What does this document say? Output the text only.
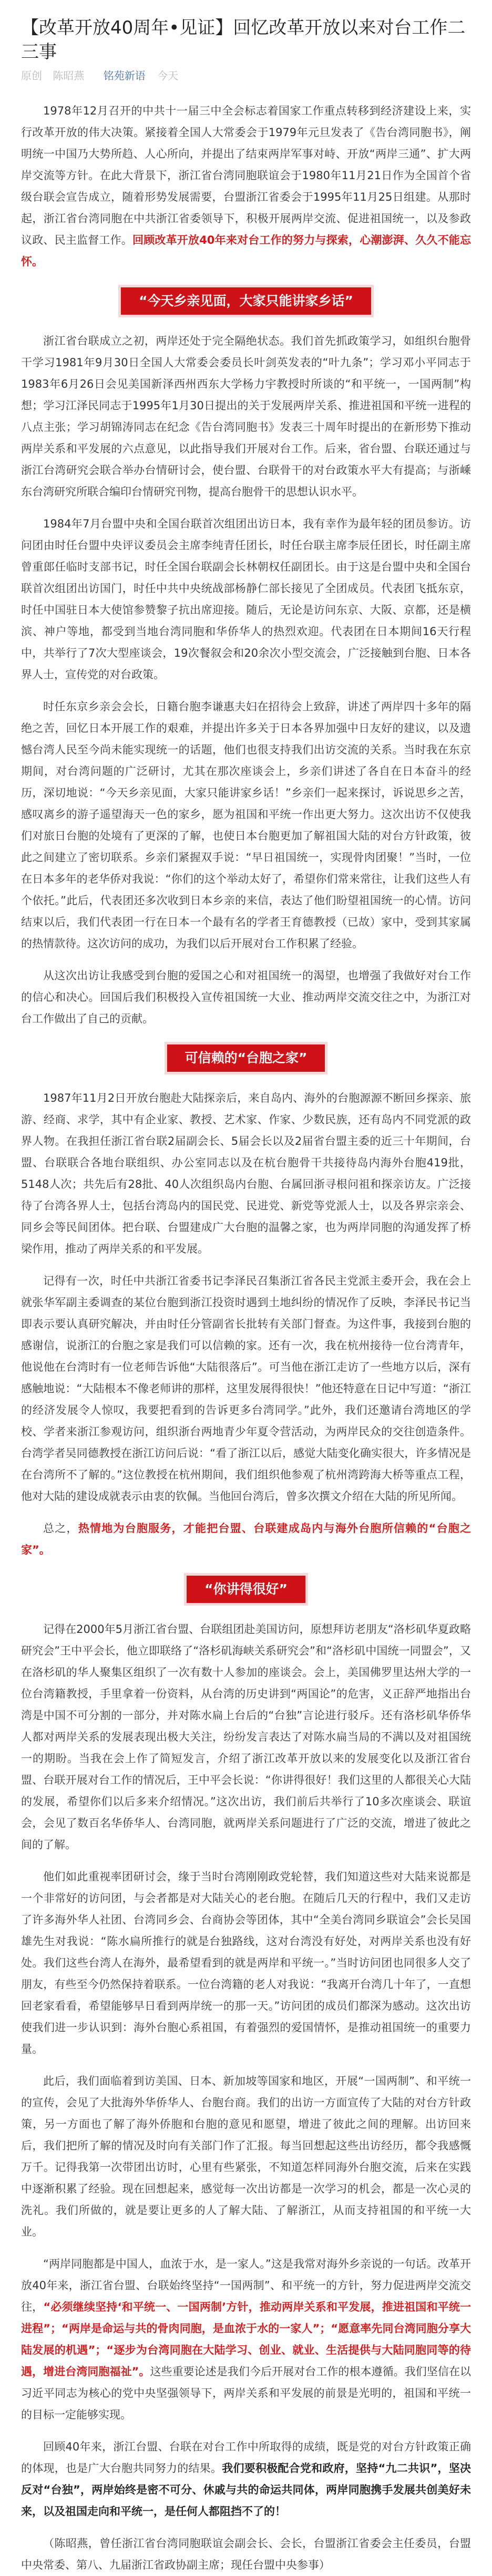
【改革开放40周年•见证】回忆改革开放以来对台工作二三事
原创 陈昭燕 铭苑新语 今天

1978年12月召开的中共十一届三中全会标志着国家工作重点转移到经济建设上来，实行改革开放的伟大决策。紧接着全国人大常委会于1979年元旦发表了《告台湾同胞书》，阐明统一中国乃大势所趋、人心所向，并提出了结束两岸军事对峙、开放“两岸三通”、扩大两岸交流等方针。在此大背景下，浙江省台湾同胞联谊会于1980年11月21日作为全国首个省级台联会宣告成立，随着形势发展需要，台盟浙江省委会于1995年11月25日组建。从那时起，浙江省台湾同胞在中共浙江省委领导下，积极开展两岸交流、促进祖国统一，以及参政议政、民主监督工作。回顾改革开放40年来对台工作的努力与探索，心潮澎湃、久久不能忘怀。

“今天乡亲见面，大家只能讲家乡话”

浙江省台联成立之初，两岸还处于完全隔绝状态。我们首先抓政策学习，如组织台胞骨干学习1981年9月30日全国人大常委会委员长叶剑英发表的“叶九条”；学习邓小平同志于1983年6月26日会见美国新泽西州西东大学杨力宇教授时所谈的“和平统一，一国两制”构想；学习江泽民同志于1995年1月30日提出的关于发展两岸关系、推进祖国和平统一进程的八点主张；学习胡锦涛同志在纪念《告台湾同胞书》发表三十周年时提出的在新形势下推动两岸关系和平发展的六点意见，以此指导我们开展对台工作。后来，省台盟、台联还通过与浙江台湾研究会联合举办台情研讨会，使台盟、台联骨干的对台政策水平大有提高；与浙嵊东台湾研究所联合编印台情研究刊物，提高台胞骨干的思想认识水平。

1984年7月台盟中央和全国台联首次组团出访日本，我有幸作为最年轻的团员参访。访问团由时任台盟中央评议委员会主席李纯青任团长，时任台联主席李辰任团长，时任副主席曾重郎任临时支部书记，时任全国台联副会长林朝权任副团长。由于这是台盟中央和全国台联首次组团出访国门，时任中共中央统战部杨静仁部长接见了全团成员。代表团飞抵东京，时任中国驻日本大使馆参赞黎子抗出席迎接。随后，无论是访问东京、大阪、京都，还是横滨、神户等地，都受到当地台湾同胞和华侨华人的热烈欢迎。代表团在日本期间16天行程中，共举行了7次大型座谈会，19次餐叙会和20余次小型交流会，广泛接触到台胞、日本各界人士，宣传党的对台政策。

时任东京乡亲会会长，日籍台胞李谦惠夫妇在招待会上致辞，讲述了两岸四十多年的隔绝之苦，回忆日本开展工作的艰难，并提出许多关于日本各界加强中日友好的建议，以及遗憾台湾人民至今尚未能实现统一的话题，他们也很支持我们出访交流的关系。当时我在东京期间，对台湾问题的广泛研讨，尤其在那次座谈会上，乡亲们讲述了各自在日本奋斗的经历，深切地说：“今天乡亲见面，大家只能讲家乡话！”乡亲们一起来探讨，诉说思乡之苦，感叹离乡的游子遥望海天一色的家乡，愿为祖国和平统一作出更大努力。这次出访不仅使我们对旅日台胞的处境有了更深的了解，也使日本台胞更加了解祖国大陆的对台方针政策，彼此之间建立了密切联系。乡亲们紧握双手说：“早日祖国统一，实现骨肉团聚！”当时，一位在日本多年的老华侨对我说：“你们的这个举动太好了，希望你们常来常往，让我们这些人有个依托。”此后，代表团还多次收到日本乡亲的来信，表达了他们盼望祖国统一的心情。访问结束以后，我们代表团一行在日本一个最有名的学者王育德教授（已故）家中，受到其家属的热情款待。这次访问的成功，为我们以后开展对台工作积累了经验。

从这次出访让我感受到台胞的爱国之心和对祖国统一的渴望，也增强了我做好对台工作的信心和决心。回国后我们积极投入宣传祖国统一大业、推动两岸交流交往之中，为浙江对台工作做出了自己的贡献。

可信赖的“台胞之家”

1987年11月2日开放台胞赴大陆探亲后，来自岛内、海外的台胞源源不断回乡探亲、旅游、经商、求学，其中有企业家、教授、艺术家、作家、少数民族，还有岛内不同党派的政界人物。在我担任浙江省台联2届副会长、5届会长以及2届省台盟主委的近三十年期间，台盟、台联联合各地台联组织、办公室同志以及在杭台胞骨干共接待岛内海外台胞419批，5148人次；共先后有28批、40人次组织岛内台胞、台属回浙寻根问祖和探亲访友。广泛接待了台湾各界人士，包括台湾岛内的国民党、民进党、新党等党派人士，以及各界宗亲会、同乡会等民间团体。把台联、台盟建成广大台胞的温馨之家，也为两岸同胞的沟通发挥了桥梁作用，推动了两岸关系的和平发展。

记得有一次，时任中共浙江省委书记李泽民召集浙江省各民主党派主委开会，我在会上就张华军副主委调查的某位台胞到浙江投资时遇到土地纠纷的情况作了反映，李泽民书记当即表示要认真研究解决，并由时任分管副省长批转有关部门督查。为这件事，我接到台胞的感谢信，说浙江的台胞之家是我们可以信赖的家。还有一次，我在杭州接待一位台湾青年，他说他在台湾时有一位老师告诉他“大陆很落后”。可当他在浙江走访了一些地方以后，深有感触地说：“大陆根本不像老师讲的那样，这里发展得很快！”他还特意在日记中写道：“浙江的经济发展令人惊叹，我要把看到的告诉更多台湾同学。”此外，我们还邀请台湾地区的学校、学者来浙江参观访问，组织浙台两地青少年夏令营活动，为两岸民众的交往创造条件。台湾学者吴同德教授在浙江访问后说：“看了浙江以后，感觉大陆变化确实很大，许多情况是在台湾所不了解的。”这位教授在杭州期间，我们组织他参观了杭州湾跨海大桥等重点工程，他对大陆的建设成就表示由衷的钦佩。当他回台湾后，曾多次撰文介绍在大陆的所见所闻。

总之，热情地为台胞服务，才能把台盟、台联建成岛内与海外台胞所信赖的“台胞之家”。

“你讲得很好”

记得在2000年5月浙江省台盟、台联组团赴美国访问，原想拜访老朋友“洛杉矶华夏政略研究会”王中平会长，他立即联络了“洛杉矶海峡关系研究会”和“洛杉矶中国统一同盟会”，又在洛杉矶的华人聚集区组织了一次有数十人参加的座谈会。会上，美国佛罗里达州大学的一位台湾籍教授，手里拿着一份资料，从台湾的历史讲到“两国论”的危害，义正辞严地指出台湾是中国不可分割的一部分，并对陈水扁上台后的“台独”言论进行驳斥。还有洛杉矶华侨华人都对两岸关系的发展表现出极大关注，纷纷发言表达了对陈水扁当局的不满以及对祖国统一的期盼。当我在会上作了简短发言，介绍了浙江改革开放以来的发展变化以及浙江省台盟、台联开展对台工作的情况后，王中平会长说：“你讲得很好！我们这里的人都很关心大陆的发展，希望你们以后多来介绍情况。”这次出访，我们前后共举行了10多次座谈会、联谊会，会见了数百名华侨华人、台湾同胞，就两岸关系问题进行了广泛的交流，增进了彼此之间的了解。

他们如此重视率团研讨会，缘于当时台湾刚刚政党轮替，我们知道这些对大陆来说都是一个非常好的访问团，与会者都是对大陆关心的老台胞。在随后几天的行程中，我们又走访了许多海外华人社团、台湾同乡会、台商协会等团体，其中“全美台湾同乡联谊会”会长吴国雄先生对我说：“陈水扁所推行的就是台独路线，这对台湾没有好处，对两岸关系也没有好处。我们这些台湾人在海外，最希望看到的就是两岸和平统一。”当时访问团也同很多人交了朋友，有些至今仍然保持着联系。一位台湾籍的老人对我说：“我离开台湾几十年了，一直想回老家看看，希望能够早日看到两岸统一的那一天。”访问团的成员们都深为感动。这次出访使我们进一步认识到：海外台胞心系祖国，有着强烈的爱国情怀，是推动祖国统一的重要力量。

此后，我们面临着到访美国、日本、新加坡等国家和地区，开展“一国两制”、和平统一的宣传，会见了大批海外华侨华人、台胞台商。我们的出访一方面宣传了大陆的对台方针政策，另一方面也了解了海外侨胞和台胞的意见和愿望，增进了彼此之间的理解。出访回来后，我们把所了解的情况及时向有关部门作了汇报。每当回想起这些出访经历，都令我感慨万千。记得我第一次带团出访时，心里有些紧张，不知道怎样同海外台胞交流，后来在实践中逐渐积累了经验。现在回想起来，感觉每一次出访都是一次学习的机会，都是一次心灵的洗礼。我们所做的，就是要让更多的人了解大陆、了解浙江，从而支持祖国的和平统一大业。

“两岸同胞都是中国人，血浓于水，是一家人。”这是我常对海外乡亲说的一句话。改革开放40年来，浙江省台盟、台联始终坚持“一国两制”、和平统一的方针，努力促进两岸交流交往，“必须继续坚持‘和平统一、一国两制’方针，推动两岸关系和平发展，推进祖国和平统一进程”；“两岸是命运与共的骨肉同胞，是血浓于水的一家人”；“愿意率先同台湾同胞分享大陆发展的机遇”；“逐步为台湾同胞在大陆学习、创业、就业、生活提供与大陆同胞同等的待遇，增进台湾同胞福祉”。这些重要论述是我们今后开展对台工作的根本遵循。我们坚信在以习近平同志为核心的党中央坚强领导下，两岸关系和平发展的前景是光明的，祖国和平统一的目标一定能够实现。

回顾40年来，浙江台盟、台联在对台工作中所取得的成绩，既是党的对台方针政策正确的体现，也是广大台胞共同努力的结果。我们要积极配合党和政府，坚持“九二共识”，坚决反对“台独”，两岸始终是密不可分、休戚与共的命运共同体，两岸同胞携手发展共创美好未来，以及祖国走向和平统一，是任何人都阻挡不了的！

（陈昭燕，曾任浙江省台湾同胞联谊会副会长、会长，台盟浙江省委会主任委员，台盟中央常委、第八、九届浙江省政协副主席；现任台盟中央参事）
